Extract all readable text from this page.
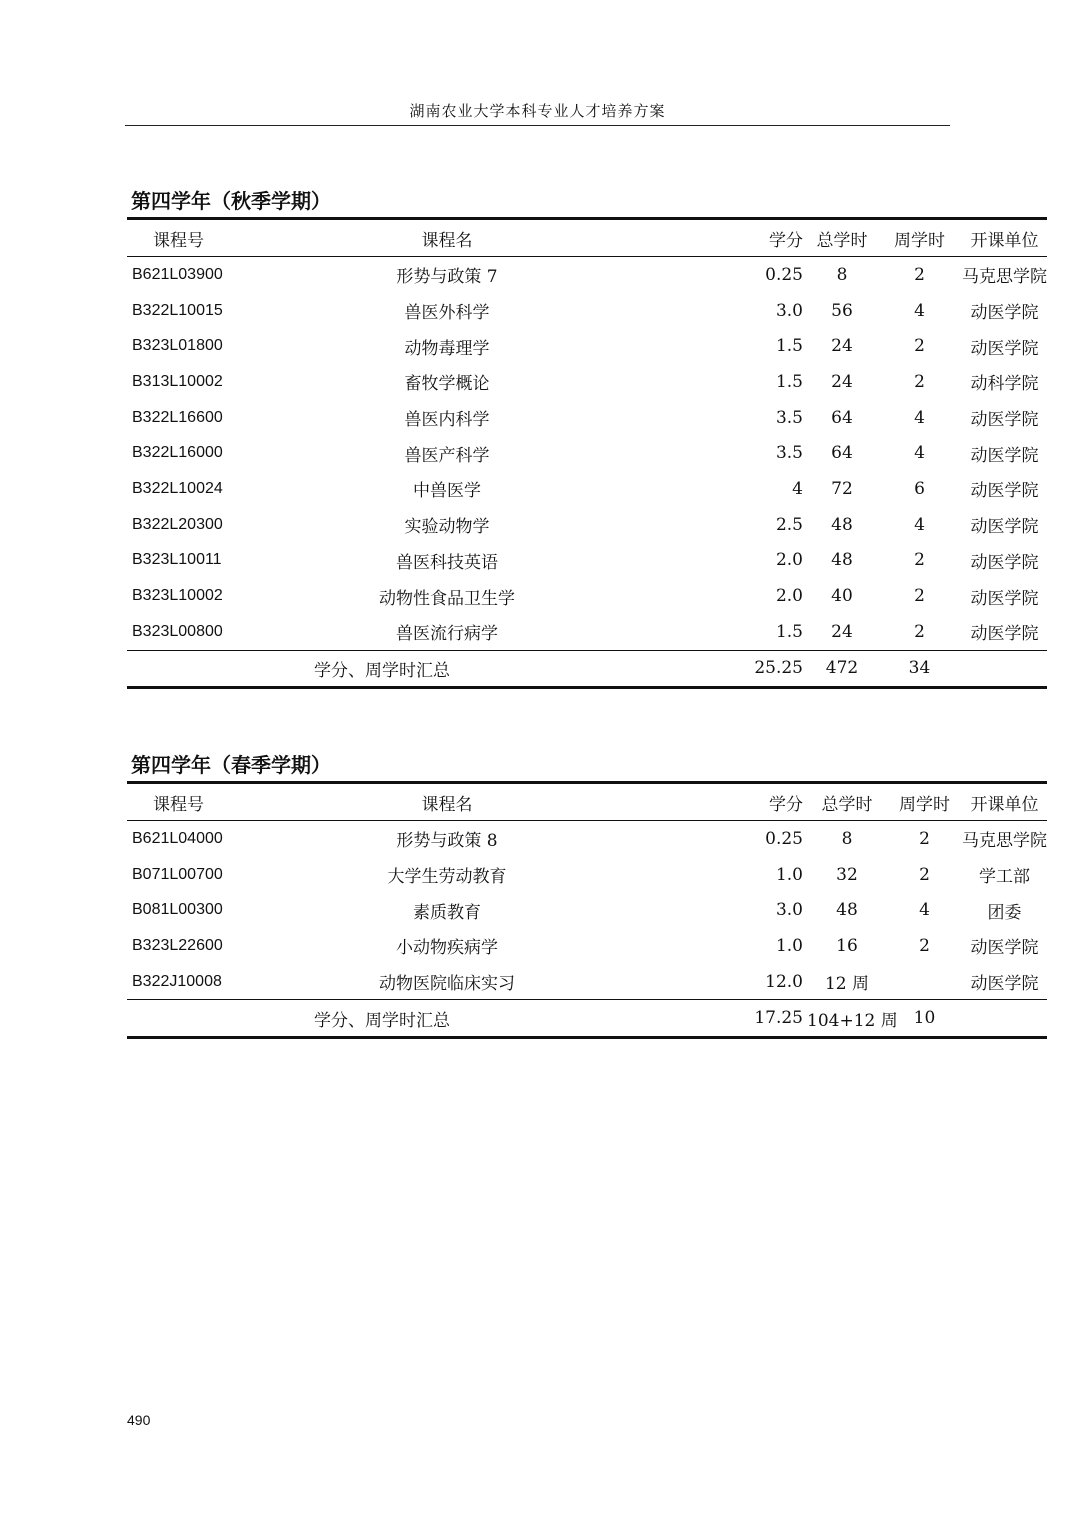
湖南农业大学本科专业人才培养方案
第四学年（秋季学期）
课程号	课程名	学分	总学时	周学时	开课单位
B621L03900	形势与政策 7	0.25	8	2	马克思学院
B322L10015	兽医外科学	3.0	56	4	动医学院
B323L01800	动物毒理学	1.5	24	2	动医学院
B313L10002	畜牧学概论	1.5	24	2	动科学院
B322L16600	兽医内科学	3.5	64	4	动医学院
B322L16000	兽医产科学	3.5	64	4	动医学院
B322L10024	中兽医学	4	72	6	动医学院
B322L20300	实验动物学	2.5	48	4	动医学院
B323L10011	兽医科技英语	2.0	48	2	动医学院
B323L10002	动物性食品卫生学	2.0	40	2	动医学院
B323L00800	兽医流行病学	1.5	24	2	动医学院
学分、周学时汇总		25.25	472	34	
第四学年（春季学期）
课程号	课程名	学分	总学时	周学时	开课单位
B621L04000	形势与政策 8	0.25	8	2	马克思学院
B071L00700	大学生劳动教育	1.0	32	2	学工部
B081L00300	素质教育	3.0	48	4	团委
B323L22600	小动物疾病学	1.0	16	2	动医学院
B322J10008	动物医院临床实习	12.0	12 周		动医学院
学分、周学时汇总		17.25	104+12 周	10	
490
